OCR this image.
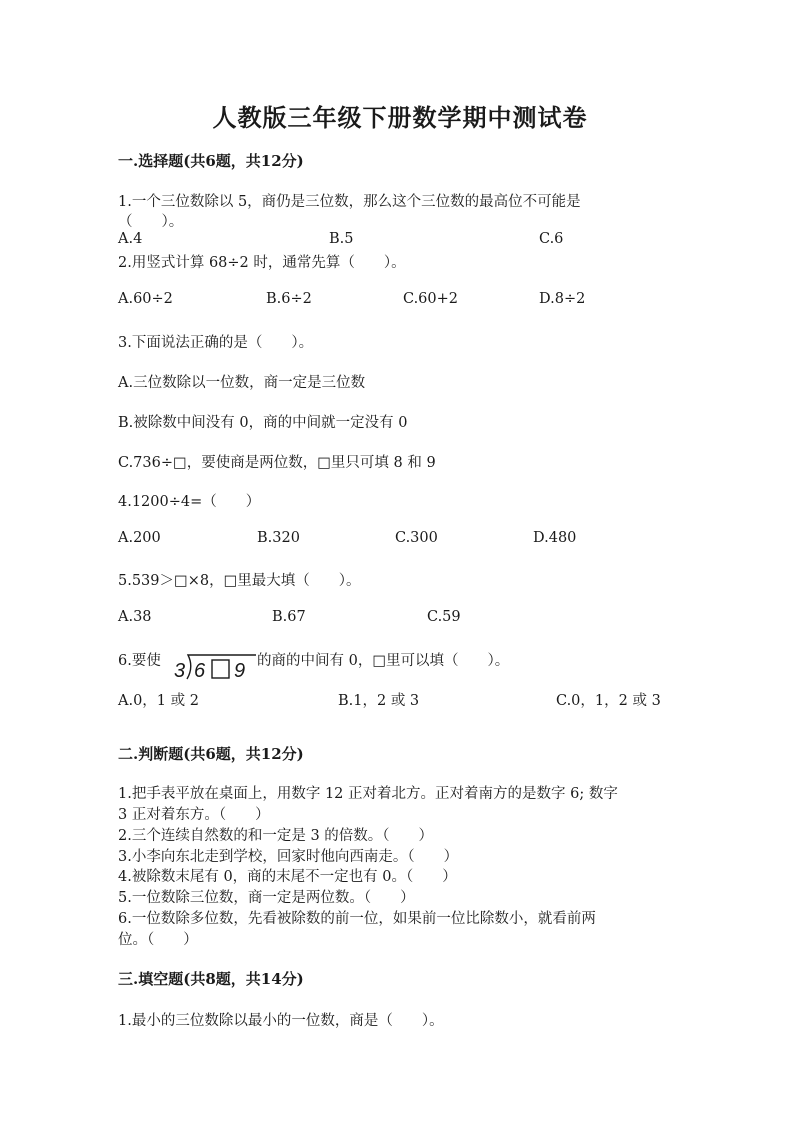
人教版三年级下册数学期中测试卷
一.选择题(共6题，共12分)
1.一个三位数除以 5，商仍是三位数，那么这个三位数的最高位不可能是
（　　）。
A.4	B.5	C.6
2.用竖式计算 68÷2 时，通常先算（　　）。
A.60÷2	B.6÷2	C.60+2	D.8÷2
3.下面说法正确的是（　　）。
A.三位数除以一位数，商一定是三位数
B.被除数中间没有 0，商的中间就一定没有 0
C.736÷□，要使商是两位数，□里只可填 8 和 9
4.1200÷4=（　　）
A.200	B.320	C.300	D.480
5.539＞□×8，□里最大填（　　）。
A.38	B.67	C.59
6.要使 3 6 9 的商的中间有 0，□里可以填（　　）。
A.0，1 或 2	B.1，2 或 3	C.0，1，2 或 3
二.判断题(共6题，共12分)
1.把手表平放在桌面上，用数字 12 正对着北方。正对着南方的是数字 6; 数字
3 正对着东方。（　　）
2.三个连续自然数的和一定是 3 的倍数。（　　）
3.小李向东北走到学校，回家时他向西南走。（　　）
4.被除数末尾有 0，商的末尾不一定也有 0。（　　）
5.一位数除三位数，商一定是两位数。（　　）
6.一位数除多位数，先看被除数的前一位，如果前一位比除数小，就看前两
位。（　　）
三.填空题(共8题，共14分)
1.最小的三位数除以最小的一位数，商是（　　）。
